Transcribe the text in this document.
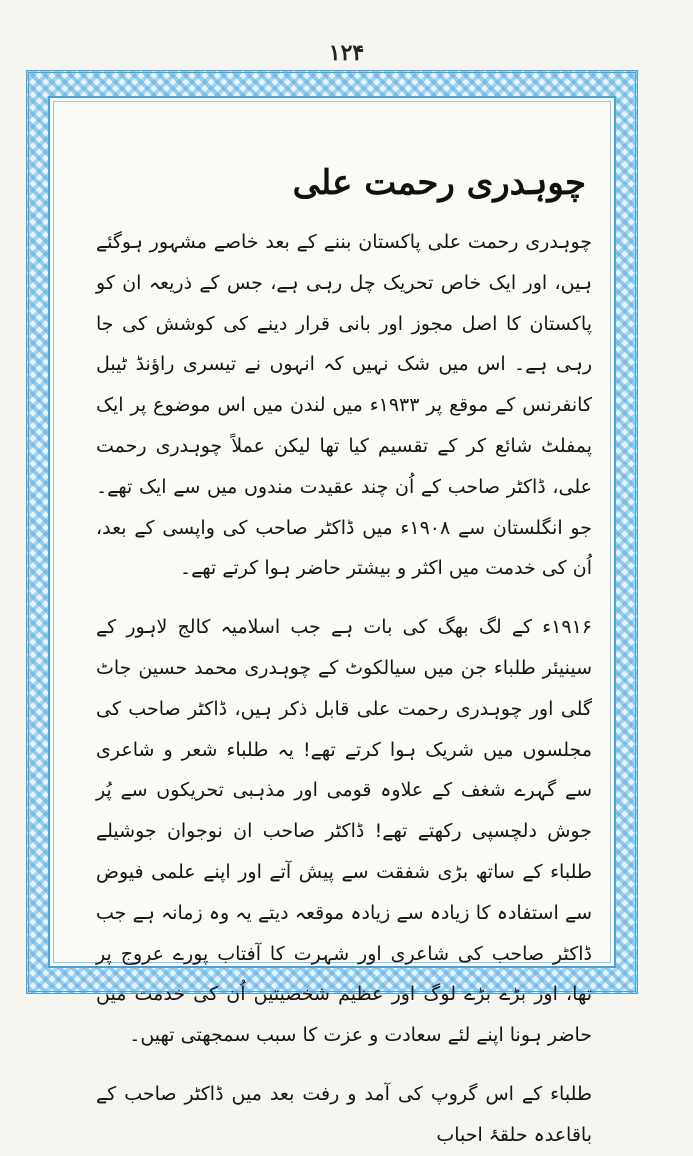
۱۲۴
چوہدری رحمت علی

چوہدری رحمت علی پاکستان بننے کے بعد خاصے مشہور ہوگئے ہیں، اور ایک خاص تحریک چل رہی ہے، جس کے ذریعہ ان کو پاکستان کا اصل مجوز اور بانی قرار دینے کی کوشش کی جا رہی ہے۔ اس میں شک نہیں کہ انہوں نے تیسری راؤنڈ ٹیبل کانفرنس کے موقع پر ۱۹۳۳ء میں لندن میں اس موضوع پر ایک پمفلٹ شائع کر کے تقسیم کیا تھا لیکن عملاً چوہدری رحمت علی، ڈاکٹر صاحب کے اُن چند عقیدت مندوں میں سے ایک تھے۔ جو انگلستان سے ۱۹۰۸ء میں ڈاکٹر صاحب کی واپسی کے بعد، اُن کی خدمت میں اکثر و بیشتر حاضر ہوا کرتے تھے۔

۱۹۱۶ء کے لگ بھگ کی بات ہے جب اسلامیہ کالج لاہور کے سینیئر طلباء جن میں سیالکوٹ کے چوہدری محمد حسین جاٹ گلی اور چوہدری رحمت علی قابل ذکر ہیں، ڈاکٹر صاحب کی مجلسوں میں شریک ہوا کرتے تھے! یہ طلباء شعر و شاعری سے گہرے شغف کے علاوہ قومی اور مذہبی تحریکوں سے پُر جوش دلچسپی رکھتے تھے! ڈاکٹر صاحب ان نوجوان جوشیلے طلباء کے ساتھ بڑی شفقت سے پیش آتے اور اپنے علمی فیوض سے استفادہ کا زیادہ سے زیادہ موقعہ دیتے یہ وہ زمانہ ہے جب ڈاکٹر صاحب کی شاعری اور شہرت کا آفتاب پورے عروج پر تھا، اور بڑے بڑے لوگ اور عظیم شخصیتیں اُن کی خدمت میں حاضر ہونا اپنے لئے سعادت و عزت کا سبب سمجھتی تھیں۔

طلباء کے اس گروپ کی آمد و رفت بعد میں ڈاکٹر صاحب کے باقاعدہ حلقۂ احباب
